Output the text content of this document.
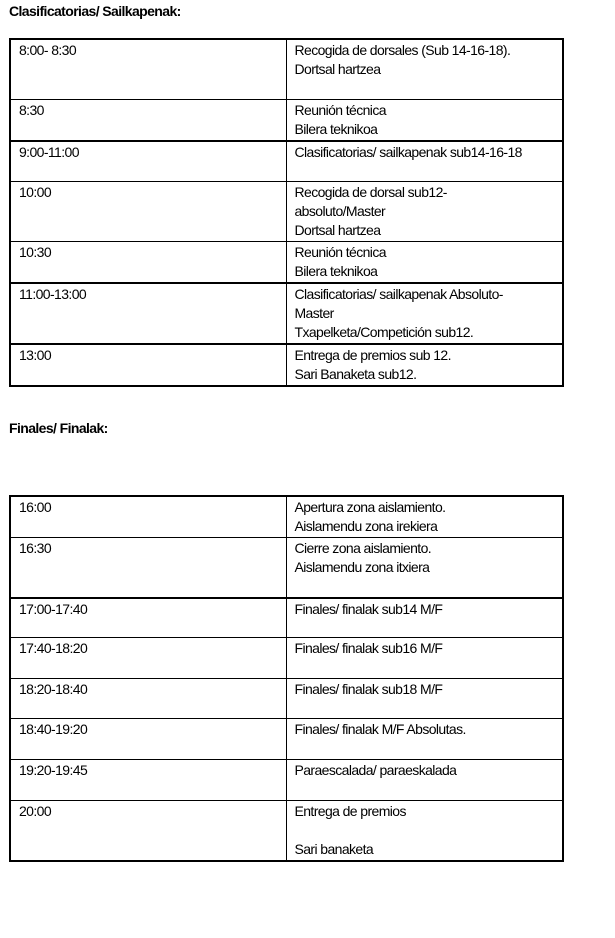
Clasificatorias/ Sailkapenak:
8:00- 8:30	Recogida de dorsales (Sub 14-16-18).
Dortsal hartzea

8:30	Reunión técnica
Bilera teknikoa

9:00-11:00	Clasificatorias/ sailkapenak sub14-16-18

10:00	Recogida de dorsal sub12-
absoluto/Master
Dortsal hartzea

10:30	Reunión técnica
Bilera teknikoa

11:00-13:00	Clasificatorias/ sailkapenak Absoluto-
Master
Txapelketa/Competición sub12.

13:00	Entrega de premios sub 12.
Sari Banaketa sub12.
Finales/ Finalak:
16:00	Apertura zona aislamiento.
Aislamendu zona irekiera

16:30	Cierre zona aislamiento.
Aislamendu zona itxiera

17:00-17:40	Finales/ finalak sub14 M/F

17:40-18:20	Finales/ finalak sub16 M/F

18:20-18:40	Finales/ finalak sub18 M/F

18:40-19:20	Finales/ finalak M/F Absolutas.

19:20-19:45	Paraescalada/ paraeskalada

20:00	Entrega de premios
Sari banaketa
